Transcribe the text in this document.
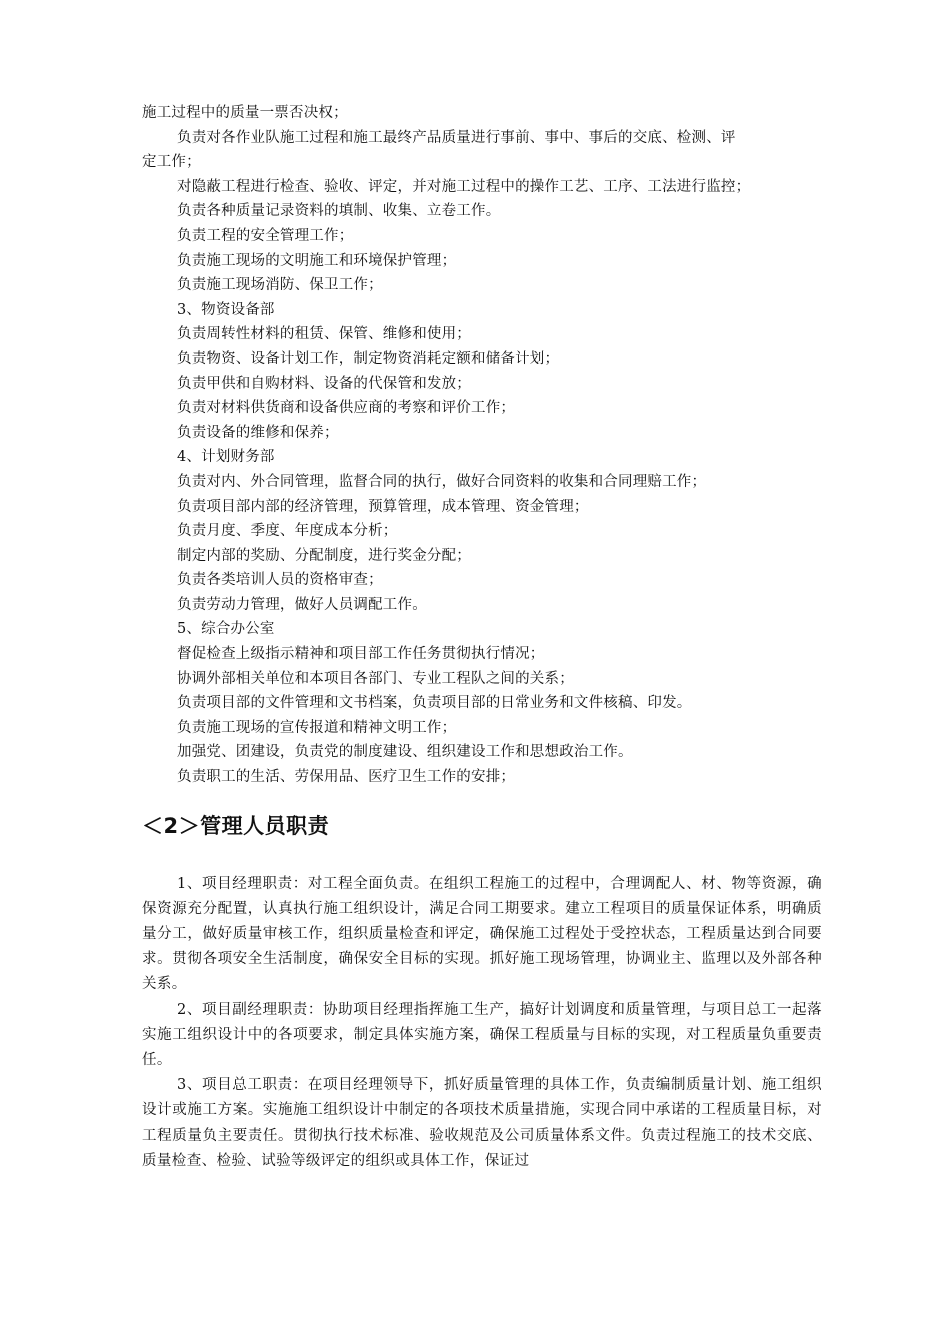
施工过程中的质量一票否决权；
负责对各作业队施工过程和施工最终产品质量进行事前、事中、事后的交底、检测、评
定工作；
对隐蔽工程进行检查、验收、评定，并对施工过程中的操作工艺、工序、工法进行监控；
负责各种质量记录资料的填制、收集、立卷工作。
负责工程的安全管理工作；
负责施工现场的文明施工和环境保护管理；
负责施工现场消防、保卫工作；
3、物资设备部
负责周转性材料的租赁、保管、维修和使用；
负责物资、设备计划工作，制定物资消耗定额和储备计划；
负责甲供和自购材料、设备的代保管和发放；
负责对材料供货商和设备供应商的考察和评价工作；
负责设备的维修和保养；
4、计划财务部
负责对内、外合同管理，监督合同的执行，做好合同资料的收集和合同理赔工作；
负责项目部内部的经济管理，预算管理，成本管理、资金管理；
负责月度、季度、年度成本分析；
制定内部的奖励、分配制度，进行奖金分配；
负责各类培训人员的资格审查；
负责劳动力管理，做好人员调配工作。
5、综合办公室
督促检查上级指示精神和项目部工作任务贯彻执行情况；
协调外部相关单位和本项目各部门、专业工程队之间的关系；
负责项目部的文件管理和文书档案，负责项目部的日常业务和文件核稿、印发。
负责施工现场的宣传报道和精神文明工作；
加强党、团建设，负责党的制度建设、组织建设工作和思想政治工作。
负责职工的生活、劳保用品、医疗卫生工作的安排；
＜2＞管理人员职责

1、项目经理职责：对工程全面负责。在组织工程施工的过程中，合理调配人、材、物等资源，确保资源充分配置，认真执行施工组织设计，满足合同工期要求。建立工程项目的质量保证体系，明确质量分工，做好质量审核工作，组织质量检查和评定，确保施工过程处于受控状态，工程质量达到合同要求。贯彻各项安全生活制度，确保安全目标的实现。抓好施工现场管理，协调业主、监理以及外部各种关系。

2、项目副经理职责：协助项目经理指挥施工生产，搞好计划调度和质量管理，与项目总工一起落实施工组织设计中的各项要求，制定具体实施方案，确保工程质量与目标的实现，对工程质量负重要责任。

3、项目总工职责：在项目经理领导下，抓好质量管理的具体工作，负责编制质量计划、施工组织设计或施工方案。实施施工组织设计中制定的各项技术质量措施，实现合同中承诺的工程质量目标，对工程质量负主要责任。贯彻执行技术标准、验收规范及公司质量体系文件。负责过程施工的技术交底、质量检查、检验、试验等级评定的组织或具体工作，保证过
